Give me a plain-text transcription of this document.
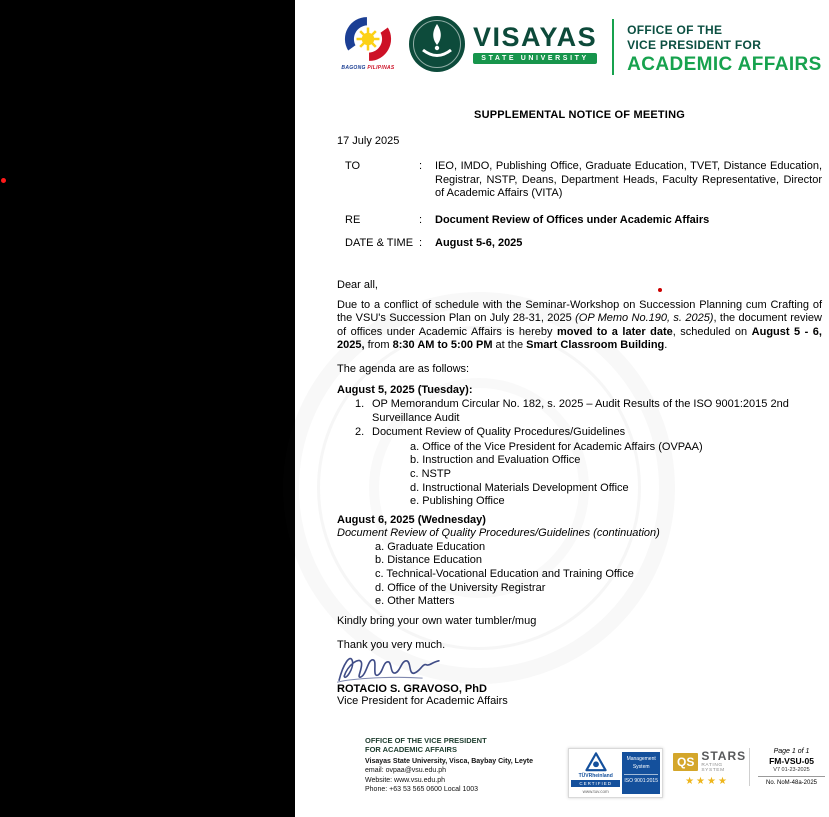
BAGONG PILIPINAS
VISAYAS
STATE UNIVERSITY
OFFICE OF THE
VICE PRESIDENT FOR
ACADEMIC AFFAIRS
SUPPLEMENTAL NOTICE OF MEETING
17 July 2025
TO	:	IEO, IMDO, Publishing Office, Graduate Education, TVET, Distance Education, Registrar, NSTP, Deans, Department Heads, Faculty Representative, Director of Academic Affairs (VITA)
RE	:	Document Review of Offices under Academic Affairs
DATE & TIME :	August 5-6, 2025
Dear all,

Due to a conflict of schedule with the Seminar-Workshop on Succession Planning cum Crafting of the VSU's Succession Plan on July 28-31, 2025 (OP Memo No.190, s. 2025), the document review of offices under Academic Affairs is hereby moved to a later date, scheduled on August 5 - 6, 2025, from 8:30 AM to 5:00 PM at the Smart Classroom Building.

The agenda are as follows:
August 5, 2025 (Tuesday):
1. OP Memorandum Circular No. 182, s. 2025 – Audit Results of the ISO 9001:2015 2nd Surveillance Audit
2. Document Review of Quality Procedures/Guidelines
a. Office of the Vice President for Academic Affairs (OVPAA)
b. Instruction and Evaluation Office
c. NSTP
d. Instructional Materials Development Office
e. Publishing Office
August 6, 2025 (Wednesday)
Document Review of Quality Procedures/Guidelines (continuation)
a. Graduate Education
b. Distance Education
c. Technical-Vocational Education and Training Office
d. Office of the University Registrar
e. Other Matters
Kindly bring your own water tumbler/mug
Thank you very much.
ROTACIO S. GRAVOSO, PhD
Vice President for Academic Affairs
OFFICE OF THE VICE PRESIDENT
FOR ACADEMIC AFFAIRS
Visayas State University, Visca, Baybay City, Leyte
email: ovpaa@vsu.edu.ph
Website: www.vsu.edu.ph
Phone: +63 53 565 0600 Local 1003
TÜVRheinland
CERTIFIED
www.tuv.com
Management
System
ISO 9001:2015
QS STARS
RATING SYSTEM
★★★★
Page 1 of 1
FM-VSU-05
V7 01-23-2025
No. NoM-48a-2025
